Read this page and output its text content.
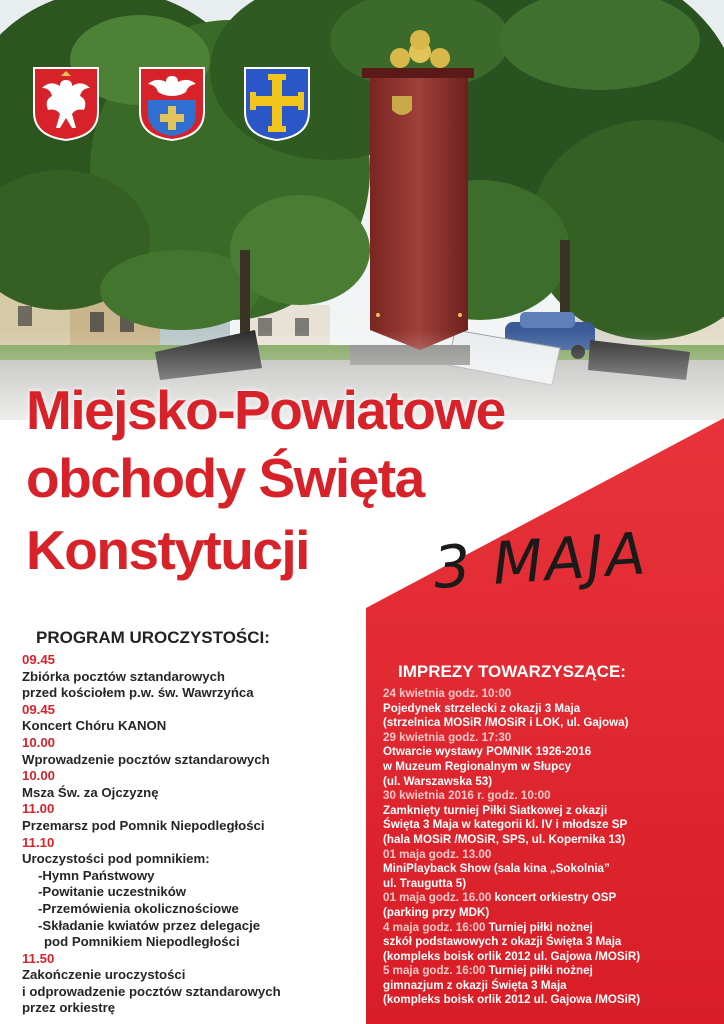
Miejsko-Powiatowe
obchody Święta
Konstytucji 3 MAJA
PROGRAM UROCZYSTOŚCI:
09.45
Zbiórka pocztów sztandarowych
przed kościołem p.w. św. Wawrzyńca
09.45
Koncert Chóru KANON
10.00
Wprowadzenie pocztów sztandarowych
10.00
Msza Św. za Ojczyznę
11.00
Przemarsz pod Pomnik Niepodległości
11.10
Uroczystości pod pomnikiem:
-Hymn Państwowy
-Powitanie uczestników
-Przemówienia okolicznościowe
-Składanie kwiatów przez delegacje
pod Pomnikiem Niepodległości
11.50
Zakończenie uroczystości
i odprowadzenie pocztów sztandarowych
przez orkiestrę
IMPREZY TOWARZYSZĄCE:
24 kwietnia godz. 10:00
Pojedynek strzelecki z okazji 3 Maja
(strzelnica MOSiR /MOSiR i LOK, ul. Gajowa)
29 kwietnia godz. 17:30
Otwarcie wystawy POMNIK 1926-2016
w Muzeum Regionalnym w Słupcy
(ul. Warszawska 53)
30 kwietnia 2016 r. godz. 10:00
Zamknięty turniej Piłki Siatkowej z okazji
Święta 3 Maja w kategorii kl. IV i młodsze SP
(hala MOSiR /MOSiR, SPS, ul. Kopernika 13)
01 maja godz. 13.00
MiniPlayback Show (sala kina „Sokolnia”
ul. Traugutta 5)
01 maja godz. 16.00 koncert orkiestry OSP
(parking przy MDK)
4 maja godz. 16:00 Turniej piłki nożnej
szkół podstawowych z okazji Święta 3 Maja
(kompleks boisk orlik 2012 ul. Gajowa /MOSiR)
5 maja godz. 16:00 Turniej piłki nożnej
gimnazjum z okazji Święta 3 Maja
(kompleks boisk orlik 2012 ul. Gajowa /MOSiR)
